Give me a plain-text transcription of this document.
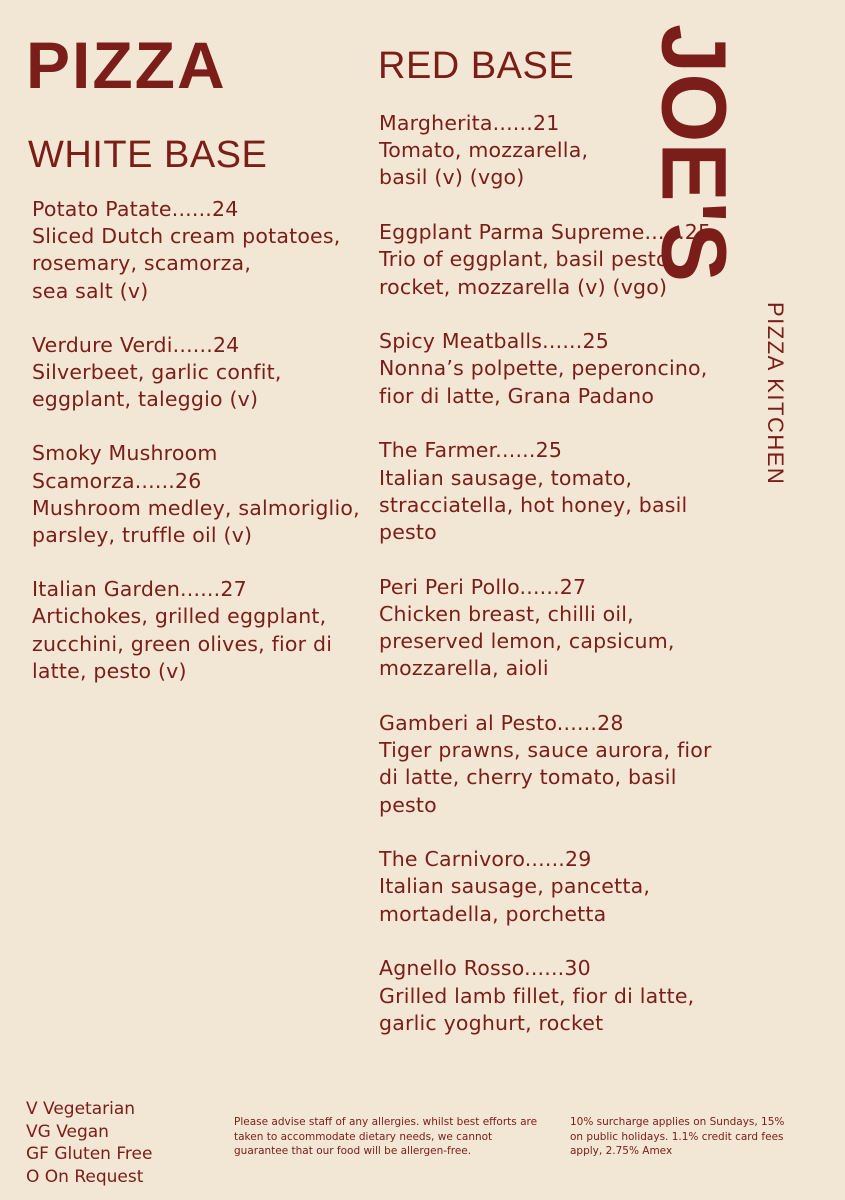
PIZZA
WHITE BASE
Potato Patate......24
Sliced Dutch cream potatoes,
rosemary, scamorza,
sea salt (v)
Verdure Verdi......24
Silverbeet, garlic confit,
eggplant, taleggio (v)
Smoky Mushroom
Scamorza......26
Mushroom medley, salmoriglio,
parsley, truffle oil (v)
Italian Garden......27
Artichokes, grilled eggplant,
zucchini, green olives, fior di
latte, pesto (v)
RED BASE
Margherita......21
Tomato, mozzarella,
basil (v) (vgo)
Eggplant Parma Supreme......25
Trio of eggplant, basil pesto,
rocket, mozzarella (v) (vgo)
Spicy Meatballs......25
Nonna’s polpette, peperoncino,
fior di latte, Grana Padano
The Farmer......25
Italian sausage, tomato,
stracciatella, hot honey, basil
pesto
Peri Peri Pollo......27
Chicken breast, chilli oil,
preserved lemon, capsicum,
mozzarella, aioli
Gamberi al Pesto......28
Tiger prawns, sauce aurora, fior
di latte, cherry tomato, basil
pesto
The Carnivoro......29
Italian sausage, pancetta,
mortadella, porchetta
Agnello Rosso......30
Grilled lamb fillet, fior di latte,
garlic yoghurt, rocket
JOE'S
PIZZA KITCHEN
V Vegetarian
VG Vegan
GF Gluten Free
O On Request
Please advise staff of any allergies. whilst best efforts are taken to accommodate dietary needs, we cannot guarantee that our food will be allergen-free.
10% surcharge applies on Sundays, 15% on public holidays. 1.1% credit card fees apply, 2.75% Amex
